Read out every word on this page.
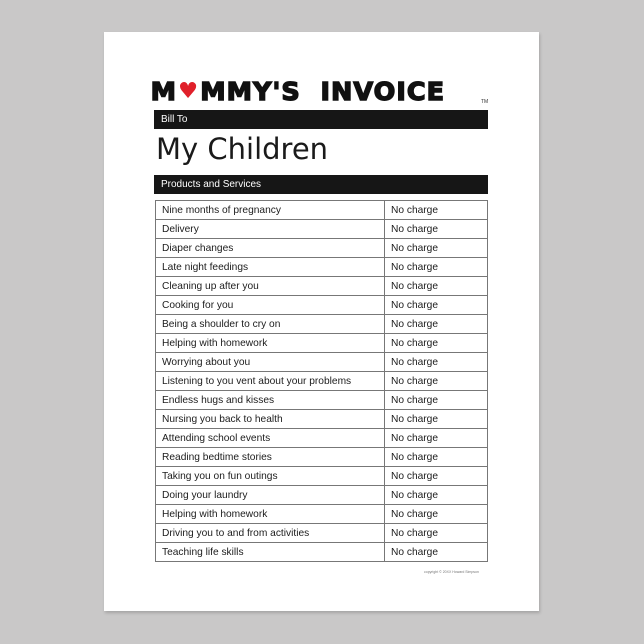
M ♥ MMY'S  INVOICE	TM
Bill To
My Children
Products and Services
Nine months of pregnancy	No charge
Delivery	No charge
Diaper changes	No charge
Late night feedings	No charge
Cleaning up after you	No charge
Cooking for you	No charge
Being a shoulder to cry on	No charge
Helping with homework	No charge
Worrying about you	No charge
Listening to you vent about your problems	No charge
Endless hugs and kisses	No charge
Nursing you back to health	No charge
Attending school events	No charge
Reading bedtime stories	No charge
Taking you on fun outings	No charge
Doing your laundry	No charge
Helping with homework	No charge
Driving you to and from activities	No charge
Teaching life skills	No charge
copyright © 20XX Howard Simpson
